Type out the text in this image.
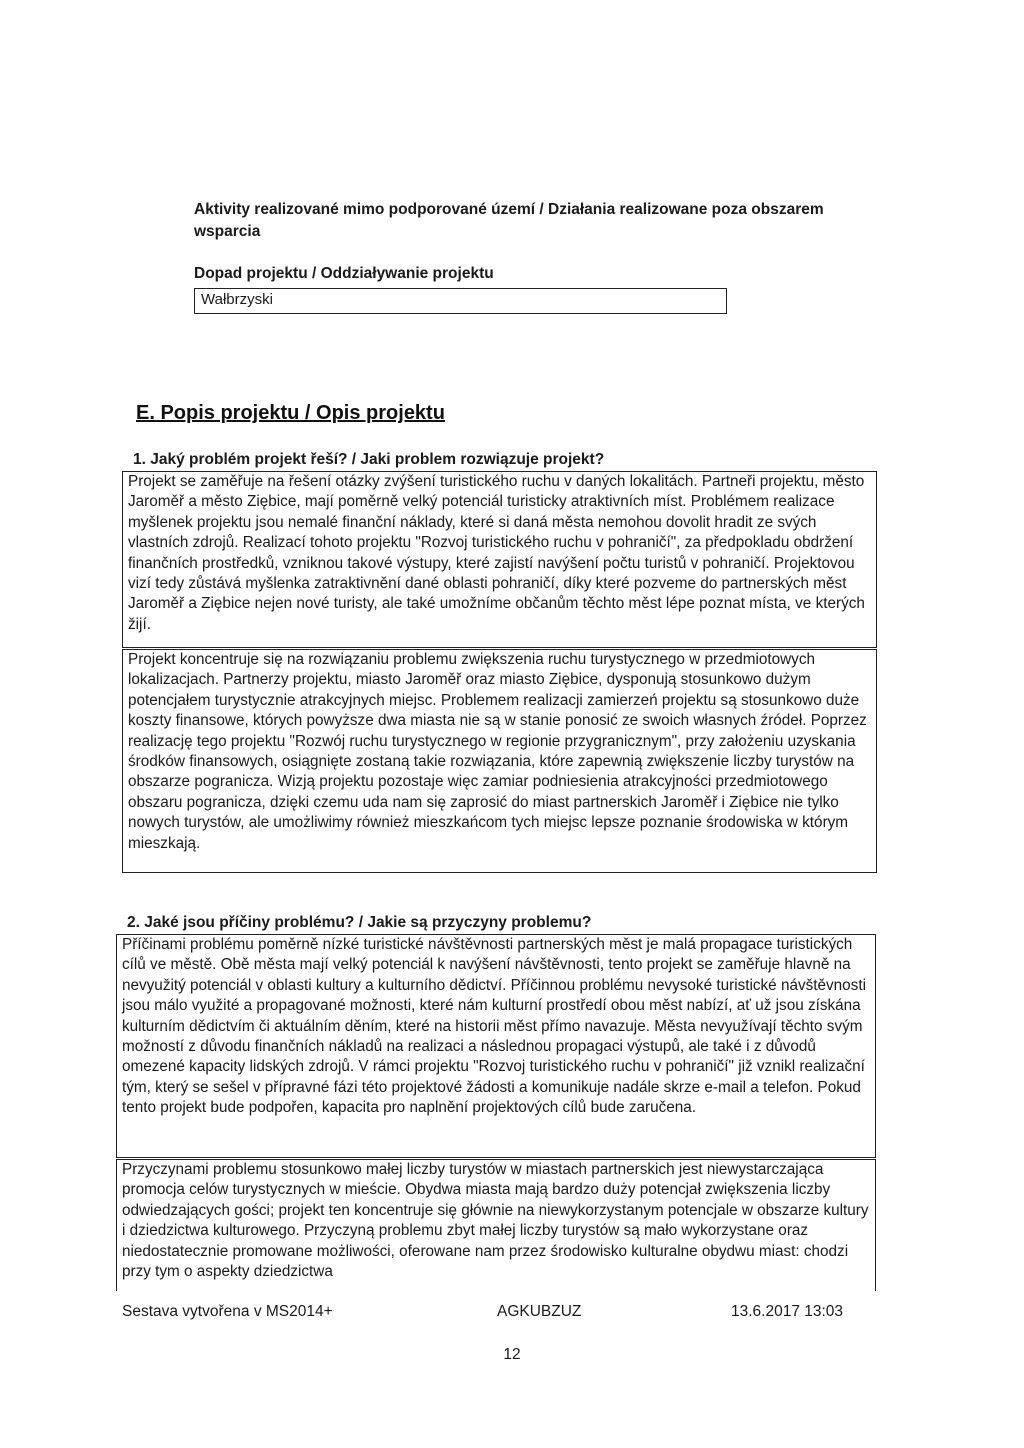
Aktivity realizované mimo podporované území / Działania realizowane poza obszarem wsparcia
Dopad projektu / Oddziaływanie projektu
Wałbrzyski
E. Popis projektu / Opis projektu
1. Jaký problém projekt řeší? / Jaki problem rozwiązuje projekt?
Projekt se zaměřuje na řešení otázky zvýšení turistického ruchu v daných lokalitách. Partneři projektu, město Jaroměř a město Ziębice, mají poměrně velký potenciál turisticky atraktivních míst. Problémem realizace myšlenek projektu jsou nemalé finanční náklady, které si daná města nemohou dovolit hradit ze svých vlastních zdrojů. Realizací tohoto projektu "Rozvoj turistického ruchu v pohraničí", za předpokladu obdržení finančních prostředků, vzniknou takové výstupy, které zajistí navýšení počtu turistů v pohraničí. Projektovou vizí tedy zůstává myšlenka zatraktivnění dané oblasti pohraničí, díky které pozveme do partnerských měst Jaroměř a Ziębice nejen nové turisty, ale také umožníme občanům těchto měst lépe poznat místa, ve kterých žijí.
Projekt koncentruje się na rozwiązaniu problemu zwiększenia ruchu turystycznego w przedmiotowych lokalizacjach. Partnerzy projektu, miasto Jaroměř oraz miasto Ziębice, dysponują stosunkowo dużym potencjałem turystycznie atrakcyjnych miejsc. Problemem realizacji zamierzeń projektu są stosunkowo duże koszty finansowe, których powyższe dwa miasta nie są w stanie ponosić ze swoich własnych źródeł. Poprzez realizację tego projektu "Rozwój ruchu turystycznego w regionie przygranicznym", przy założeniu uzyskania środków finansowych, osiągnięte zostaną takie rozwiązania, które zapewnią zwiększenie liczby turystów na obszarze pogranicza. Wizją projektu pozostaje więc zamiar podniesienia atrakcyjności przedmiotowego obszaru pogranicza, dzięki czemu uda nam się zaprosić do miast partnerskich Jaroměř i Ziębice nie tylko nowych turystów, ale umożliwimy również mieszkańcom tych miejsc lepsze poznanie środowiska w którym mieszkają.
2. Jaké jsou příčiny problému? / Jakie są przyczyny problemu?
Příčinami problému poměrně nízké turistické návštěvnosti partnerských měst je malá propagace turistických cílů ve městě. Obě města mají velký potenciál k navýšení návštěvnosti, tento projekt se zaměřuje hlavně na nevyužitý potenciál v oblasti kultury a kulturního dědictví. Příčinnou problému nevysoké turistické návštěvnosti jsou málo využité a propagované možnosti, které nám kulturní prostředí obou měst nabízí, ať už jsou získána kulturním dědictvím či aktuálním děním, které na historii měst přímo navazuje. Města nevyužívají těchto svým možností z důvodu finančních nákladů na realizaci a následnou propagaci výstupů, ale také i z důvodů omezené kapacity lidských zdrojů. V rámci projektu "Rozvoj turistického ruchu v pohraničí" již vznikl realizační tým, který se sešel v přípravné fázi této projektové žádosti a komunikuje nadále skrze e-mail a telefon. Pokud tento projekt bude podpořen, kapacita pro naplnění projektových cílů bude zaručena.
Przyczynami problemu stosunkowo małej liczby turystów w miastach partnerskich jest niewystarczająca promocja celów turystycznych w mieście. Obydwa miasta mają bardzo duży potencjał zwiększenia liczby odwiedzających gości; projekt ten koncentruje się głównie na niewykorzystanym potencjale w obszarze kultury i dziedzictwa kulturowego. Przyczyną problemu zbyt małej liczby turystów są mało wykorzystane oraz niedostatecznie promowane możliwości, oferowane nam przez środowisko kulturalne obydwu miast: chodzi przy tym o aspekty dziedzictwa
Sestava vytvořena v MS2014+	AGKUBZUZ	13.6.2017 13:03
12
